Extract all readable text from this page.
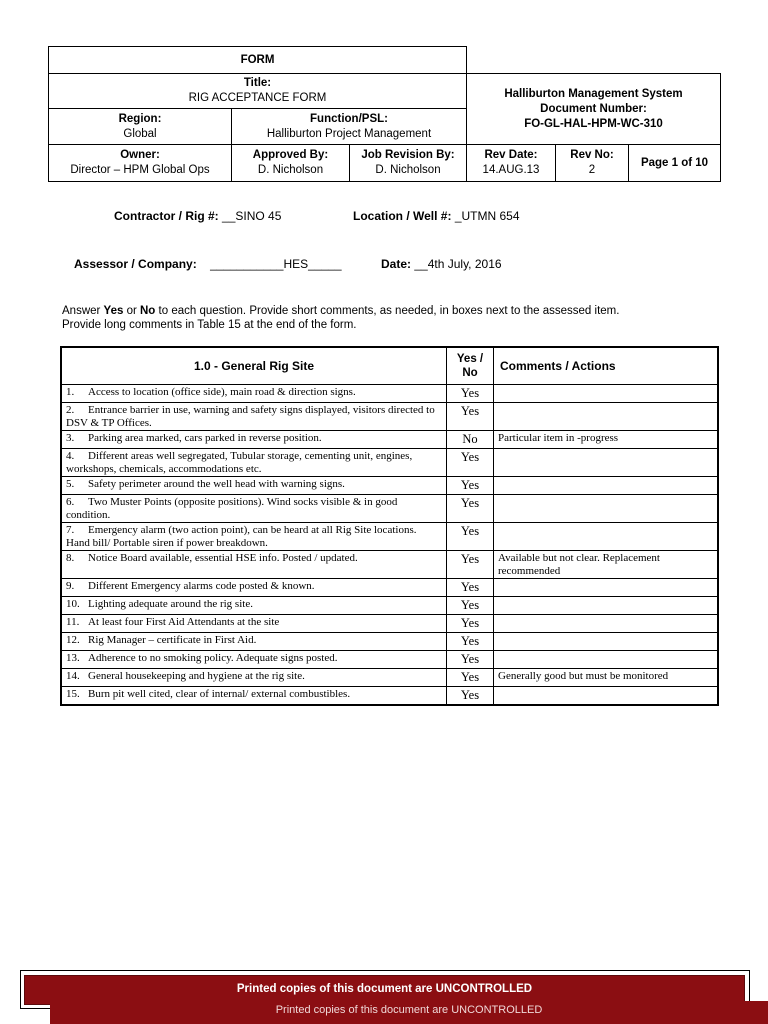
FORM
Title:
RIG ACCEPTANCE FORM	Halliburton Management System
Document Number:
FO-GL-HAL-HPM-WC-310
Region:
Global
Function/PSL:
Halliburton Project Management
Owner:
Director – HPM Global Ops
Approved By:
D. Nicholson
Job Revision By:
D. Nicholson
Rev Date:
14.AUG.13
Rev No:
2
Page 1 of 10
Contractor / Rig #: __SINO 45	Location / Well #: _UTMN 654
Assessor / Company: ___________HES_____	Date: __4th July, 2016
Answer Yes or No to each question. Provide short comments, as needed, in boxes next to the assessed item.
Provide long comments in Table 15 at the end of the form.
1.0 - General Rig Site	Yes / No	Comments / Actions
1. Access to location (office side), main road & direction signs.	Yes	
2. Entrance barrier in use, warning and safety signs displayed, visitors directed to DSV & TP Offices.	Yes	
3. Parking area marked, cars parked in reverse position.	No	Particular item in -progress
4. Different areas well segregated, Tubular storage, cementing unit, engines, workshops, chemicals, accommodations etc.	Yes	
5. Safety perimeter around the well head with warning signs.	Yes	
6. Two Muster Points (opposite positions). Wind socks visible & in good condition.	Yes	
7. Emergency alarm (two action point), can be heard at all Rig Site locations. Hand bill/ Portable siren if power breakdown.	Yes	
8. Notice Board available, essential HSE info. Posted / updated.	Yes	Available but not clear. Replacement recommended
9. Different Emergency alarms code posted & known.	Yes	
10. Lighting adequate around the rig site.	Yes	
11. At least four First Aid Attendants at the site	Yes	
12. Rig Manager – certificate in First Aid.	Yes	
13. Adherence to no smoking policy. Adequate signs posted.	Yes	
14. General housekeeping and hygiene at the rig site.	Yes	Generally good but must be monitored
15. Burn pit well cited, clear of internal/ external combustibles.	Yes	
Printed copies of this document are UNCONTROLLED
Printed copies of this document are UNCONTROLLED
